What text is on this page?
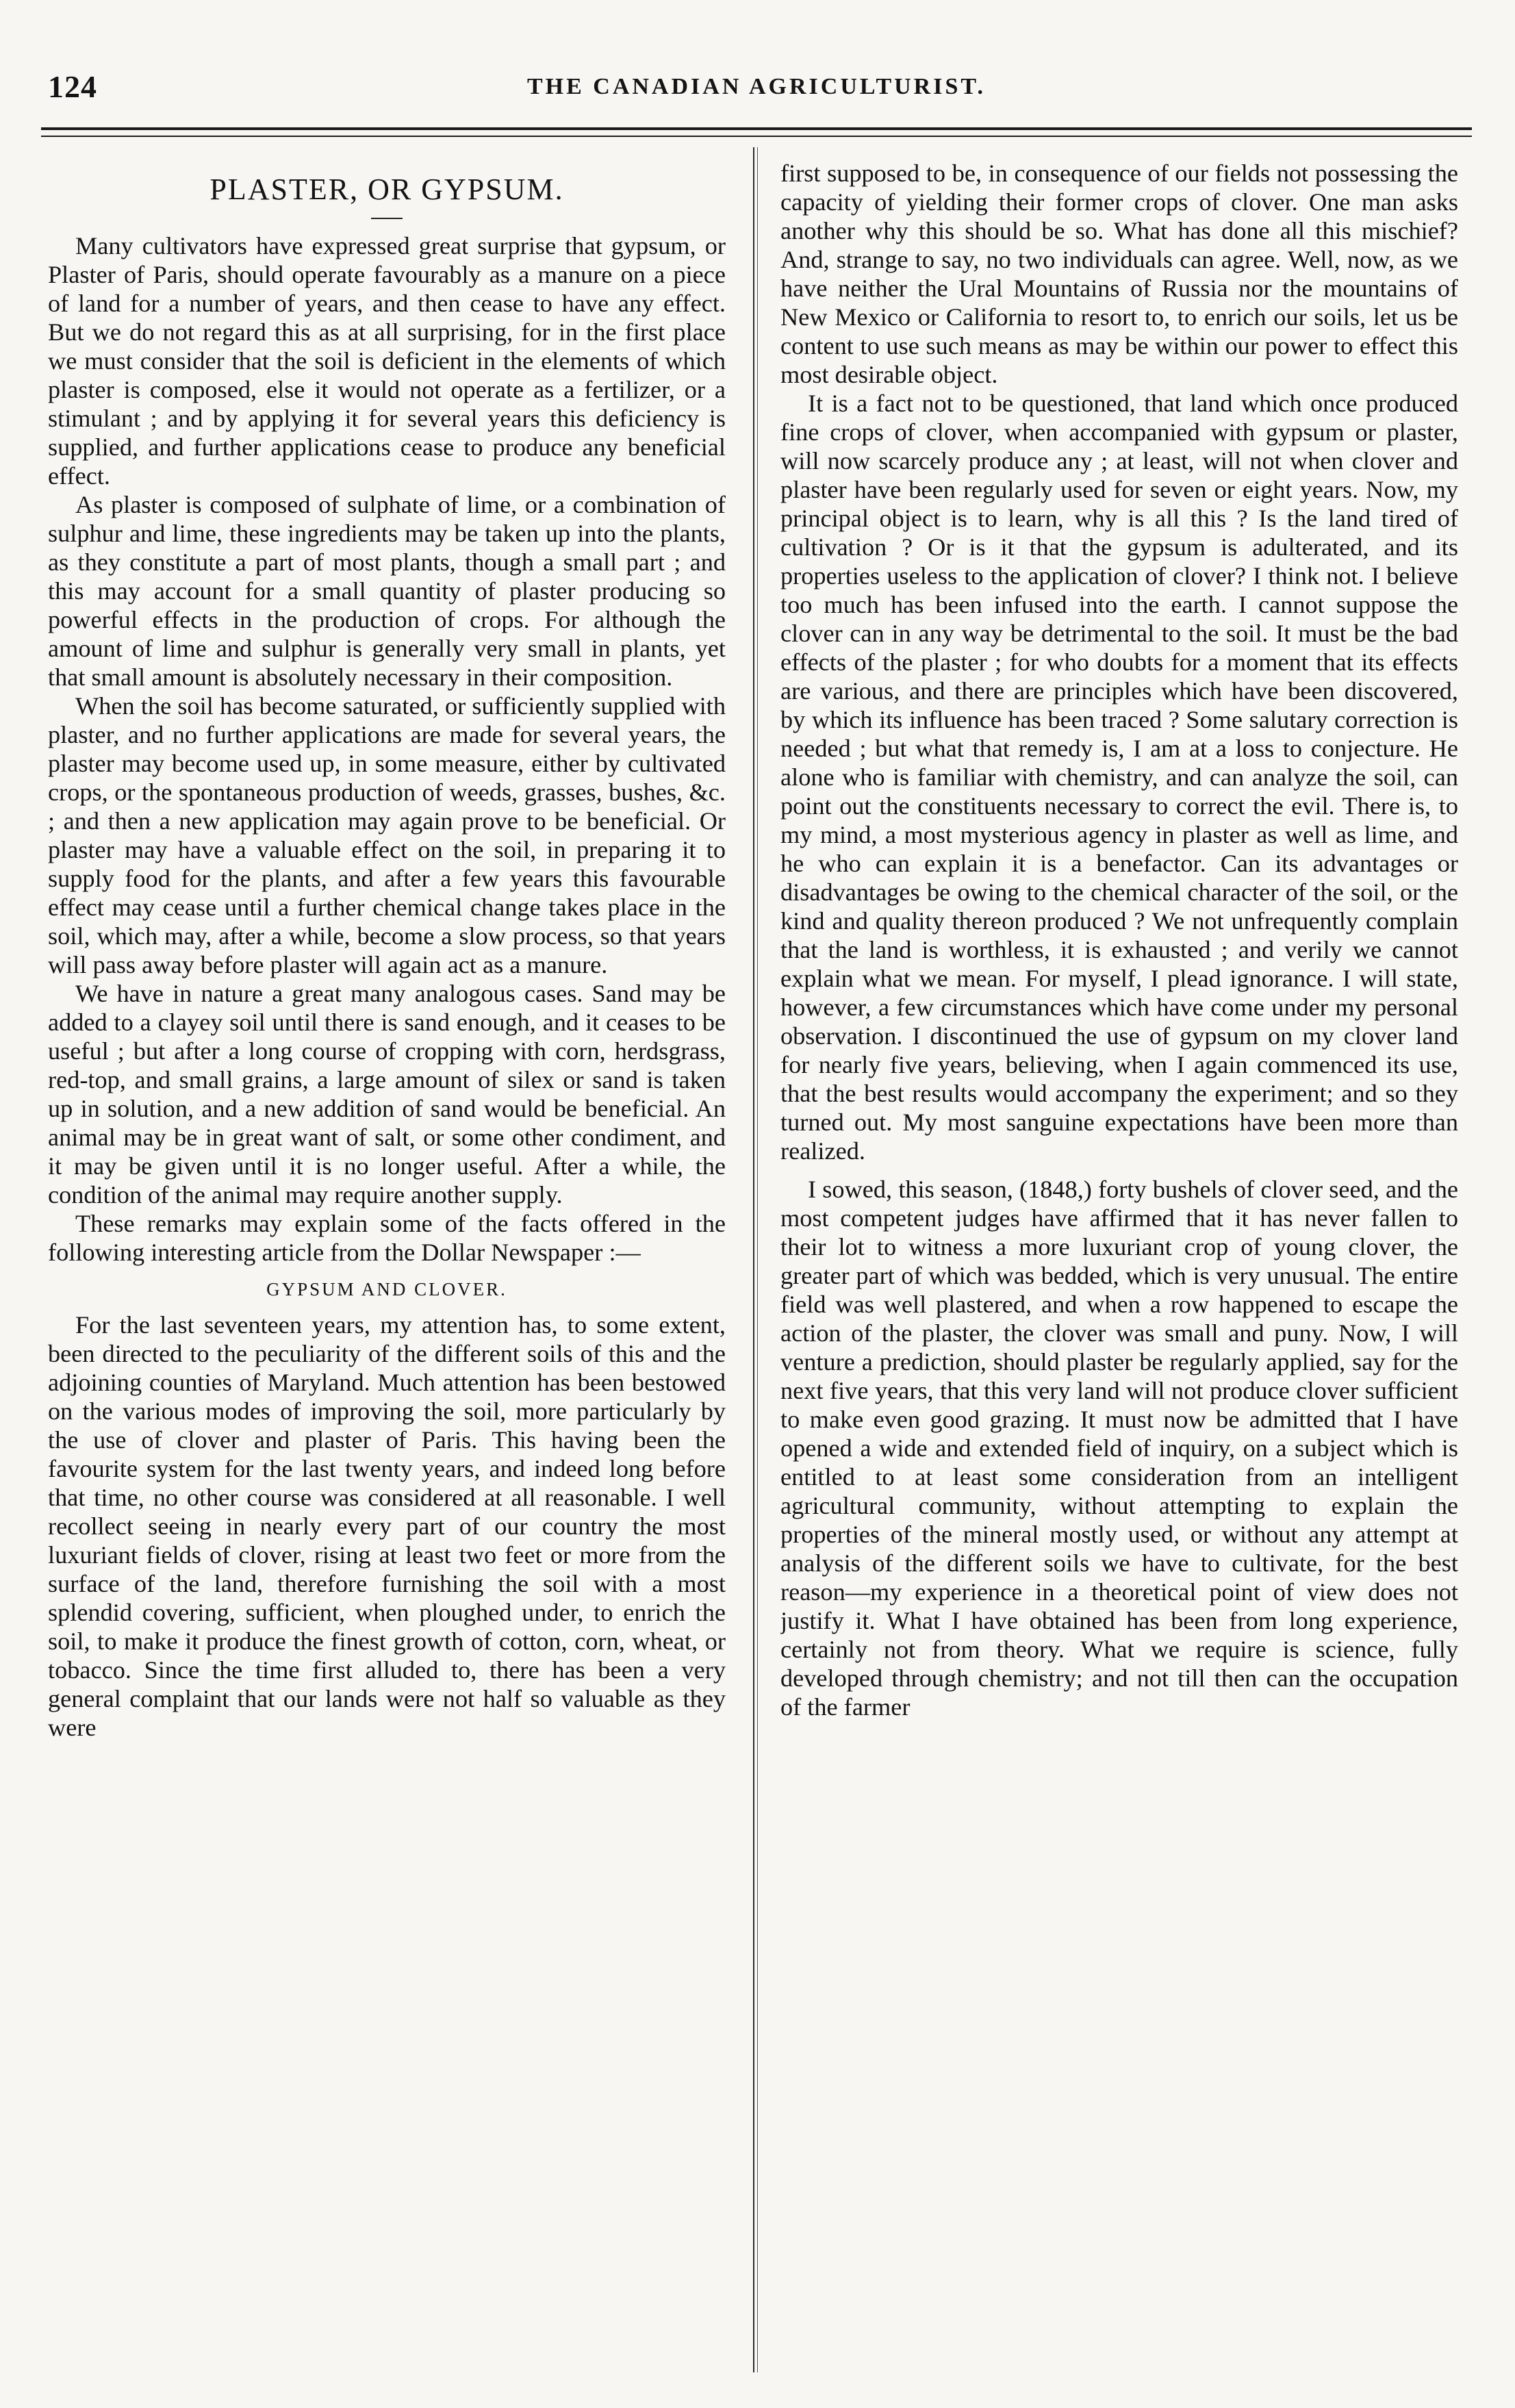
124	THE CANADIAN AGRICULTURIST.
PLASTER, OR GYPSUM.

Many cultivators have expressed great surprise that gypsum, or Plaster of Paris, should operate favourably as a manure on a piece of land for a number of years, and then cease to have any effect. But we do not regard this as at all surprising, for in the first place we must consider that the soil is deficient in the elements of which plaster is composed, else it would not operate as a fertilizer, or a stimulant ; and by applying it for several years this deficiency is supplied, and further applications cease to produce any beneficial effect.

As plaster is composed of sulphate of lime, or a combination of sulphur and lime, these ingredients may be taken up into the plants, as they constitute a part of most plants, though a small part ; and this may account for a small quantity of plaster producing so powerful effects in the production of crops. For although the amount of lime and sulphur is generally very small in plants, yet that small amount is absolutely necessary in their composition.

When the soil has become saturated, or sufficiently supplied with plaster, and no further applications are made for several years, the plaster may become used up, in some measure, either by cultivated crops, or the spontaneous production of weeds, grasses, bushes, &c. ; and then a new application may again prove to be beneficial. Or plaster may have a valuable effect on the soil, in preparing it to supply food for the plants, and after a few years this favourable effect may cease until a further chemical change takes place in the soil, which may, after a while, become a slow process, so that years will pass away before plaster will again act as a manure.

We have in nature a great many analogous cases. Sand may be added to a clayey soil until there is sand enough, and it ceases to be useful ; but after a long course of cropping with corn, herdsgrass, red-top, and small grains, a large amount of silex or sand is taken up in solution, and a new addition of sand would be beneficial. An animal may be in great want of salt, or some other condiment, and it may be given until it is no longer useful. After a while, the condition of the animal may require another supply.

These remarks may explain some of the facts offered in the following interesting article from the Dollar Newspaper :—

GYPSUM AND CLOVER.

For the last seventeen years, my attention has, to some extent, been directed to the peculiarity of the different soils of this and the adjoining counties of Maryland. Much attention has been bestowed on the various modes of improving the soil, more particularly by the use of clover and plaster of Paris. This having been the favourite system for the last twenty years, and indeed long before that time, no other course was considered at all reasonable. I well recollect seeing in nearly every part of our country the most luxuriant fields of clover, rising at least two feet or more from the surface of the land, therefore furnishing the soil with a most splendid covering, sufficient, when ploughed under, to enrich the soil, to make it produce the finest growth of cotton, corn, wheat, or tobacco. Since the time first alluded to, there has been a very general complaint that our lands were not half so valuable as they were

first supposed to be, in consequence of our fields not possessing the capacity of yielding their former crops of clover. One man asks another why this should be so. What has done all this mischief? And, strange to say, no two individuals can agree. Well, now, as we have neither the Ural Mountains of Russia nor the mountains of New Mexico or California to resort to, to enrich our soils, let us be content to use such means as may be within our power to effect this most desirable object.

It is a fact not to be questioned, that land which once produced fine crops of clover, when accompanied with gypsum or plaster, will now scarcely produce any ; at least, will not when clover and plaster have been regularly used for seven or eight years. Now, my principal object is to learn, why is all this ? Is the land tired of cultivation ? Or is it that the gypsum is adulterated, and its properties useless to the application of clover? I think not. I believe too much has been infused into the earth. I cannot suppose the clover can in any way be detrimental to the soil. It must be the bad effects of the plaster ; for who doubts for a moment that its effects are various, and there are principles which have been discovered, by which its influence has been traced ? Some salutary correction is needed ; but what that remedy is, I am at a loss to conjecture. He alone who is familiar with chemistry, and can analyze the soil, can point out the constituents necessary to correct the evil. There is, to my mind, a most mysterious agency in plaster as well as lime, and he who can explain it is a benefactor. Can its advantages or disadvantages be owing to the chemical character of the soil, or the kind and quality thereon produced ? We not unfrequently complain that the land is worthless, it is exhausted ; and verily we cannot explain what we mean. For myself, I plead ignorance. I will state, however, a few circumstances which have come under my personal observation. I discontinued the use of gypsum on my clover land for nearly five years, believing, when I again commenced its use, that the best results would accompany the experiment; and so they turned out. My most sanguine expectations have been more than realized.

I sowed, this season, (1848,) forty bushels of clover seed, and the most competent judges have affirmed that it has never fallen to their lot to witness a more luxuriant crop of young clover, the greater part of which was bedded, which is very unusual. The entire field was well plastered, and when a row happened to escape the action of the plaster, the clover was small and puny. Now, I will venture a prediction, should plaster be regularly applied, say for the next five years, that this very land will not produce clover sufficient to make even good grazing. It must now be admitted that I have opened a wide and extended field of inquiry, on a subject which is entitled to at least some consideration from an intelligent agricultural community, without attempting to explain the properties of the mineral mostly used, or without any attempt at analysis of the different soils we have to cultivate, for the best reason—my experience in a theoretical point of view does not justify it. What I have obtained has been from long experience, certainly not from theory. What we require is science, fully developed through chemistry; and not till then can the occupation of the farmer
